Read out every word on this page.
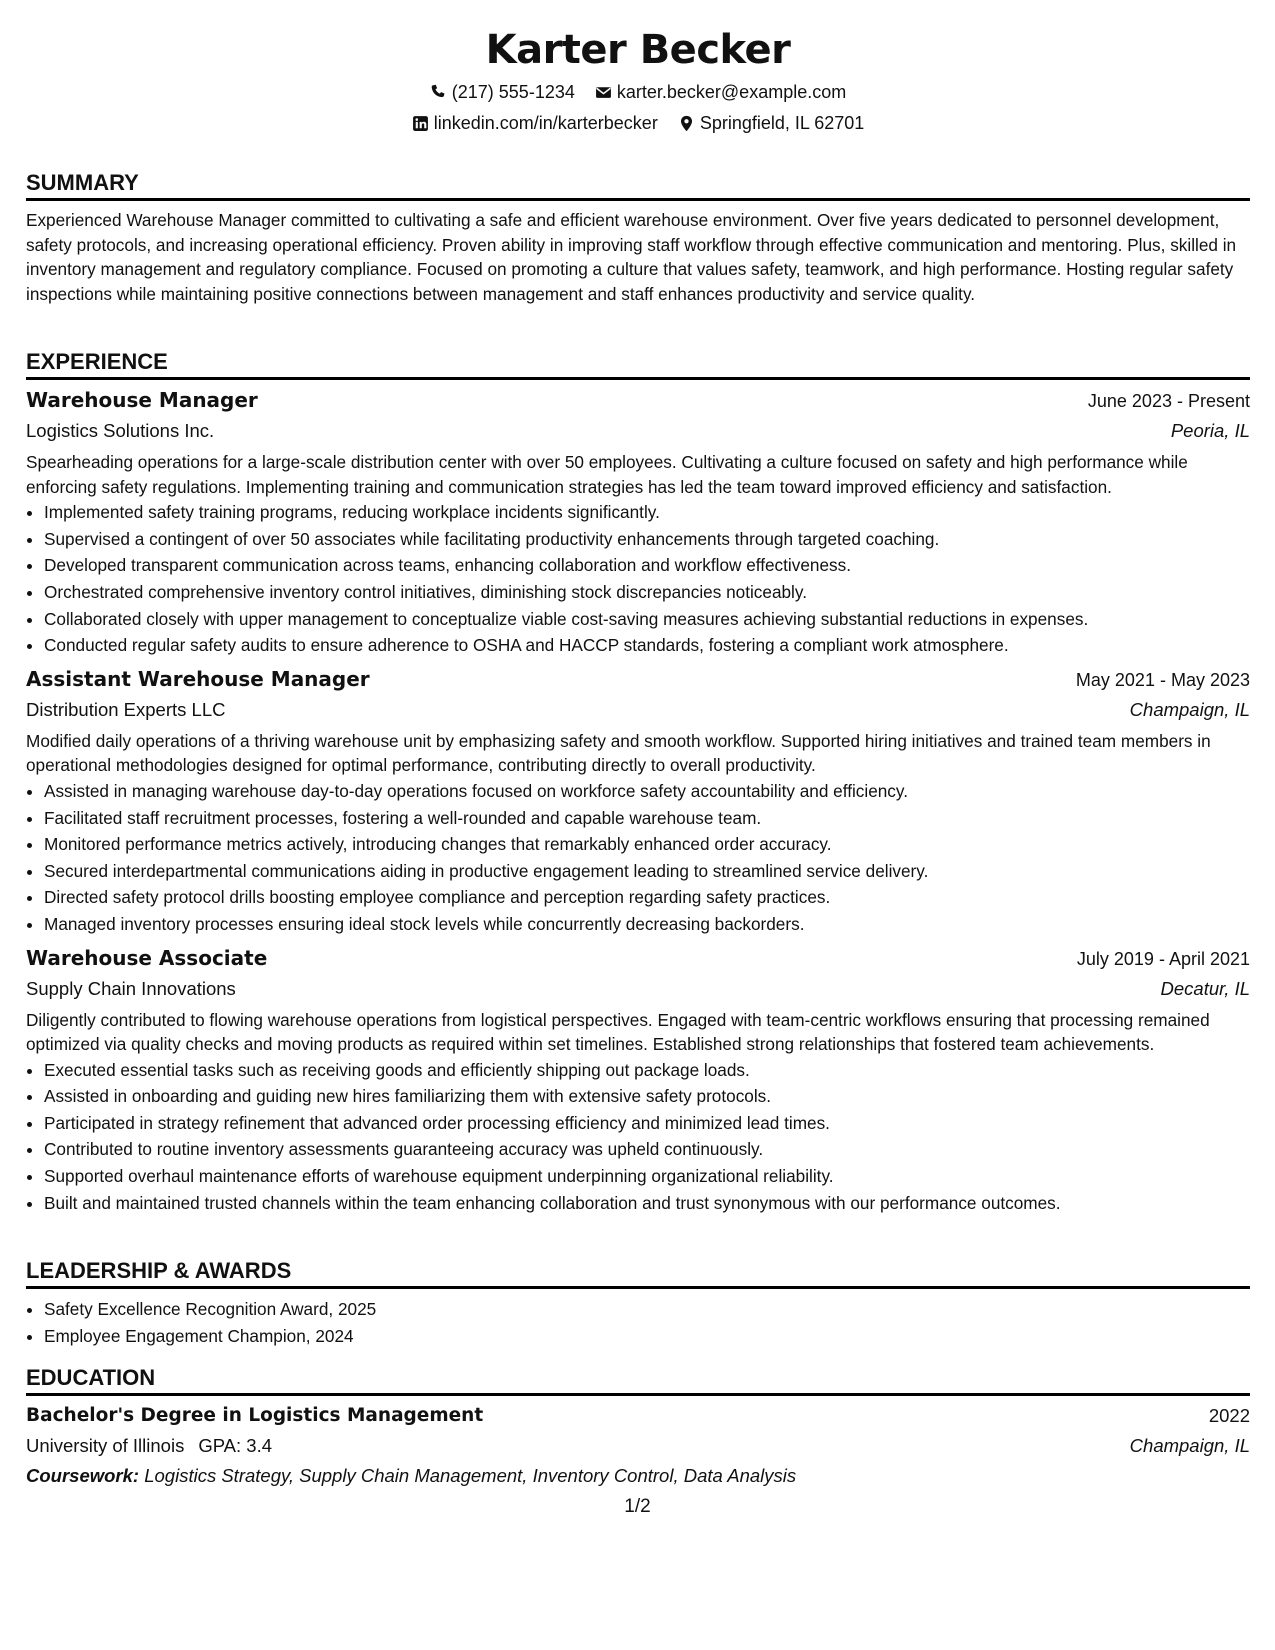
Karter Becker
(217) 555-1234 karter.becker@example.com
linkedin.com/in/karterbecker Springfield, IL 62701
SUMMARY
Experienced Warehouse Manager committed to cultivating a safe and efficient warehouse environment. Over five years dedicated to personnel development, safety protocols, and increasing operational efficiency. Proven ability in improving staff workflow through effective communication and mentoring. Plus, skilled in inventory management and regulatory compliance. Focused on promoting a culture that values safety, teamwork, and high performance. Hosting regular safety inspections while maintaining positive connections between management and staff enhances productivity and service quality.
EXPERIENCE
Warehouse Manager	June 2023 - Present
Logistics Solutions Inc.	Peoria, IL
Spearheading operations for a large-scale distribution center with over 50 employees. Cultivating a culture focused on safety and high performance while enforcing safety regulations. Implementing training and communication strategies has led the team toward improved efficiency and satisfaction.
• Implemented safety training programs, reducing workplace incidents significantly.
• Supervised a contingent of over 50 associates while facilitating productivity enhancements through targeted coaching.
• Developed transparent communication across teams, enhancing collaboration and workflow effectiveness.
• Orchestrated comprehensive inventory control initiatives, diminishing stock discrepancies noticeably.
• Collaborated closely with upper management to conceptualize viable cost-saving measures achieving substantial reductions in expenses.
• Conducted regular safety audits to ensure adherence to OSHA and HACCP standards, fostering a compliant work atmosphere.
Assistant Warehouse Manager	May 2021 - May 2023
Distribution Experts LLC	Champaign, IL
Modified daily operations of a thriving warehouse unit by emphasizing safety and smooth workflow. Supported hiring initiatives and trained team members in operational methodologies designed for optimal performance, contributing directly to overall productivity.
• Assisted in managing warehouse day-to-day operations focused on workforce safety accountability and efficiency.
• Facilitated staff recruitment processes, fostering a well-rounded and capable warehouse team.
• Monitored performance metrics actively, introducing changes that remarkably enhanced order accuracy.
• Secured interdepartmental communications aiding in productive engagement leading to streamlined service delivery.
• Directed safety protocol drills boosting employee compliance and perception regarding safety practices.
• Managed inventory processes ensuring ideal stock levels while concurrently decreasing backorders.
Warehouse Associate	July 2019 - April 2021
Supply Chain Innovations	Decatur, IL
Diligently contributed to flowing warehouse operations from logistical perspectives. Engaged with team-centric workflows ensuring that processing remained optimized via quality checks and moving products as required within set timelines. Established strong relationships that fostered team achievements.
• Executed essential tasks such as receiving goods and efficiently shipping out package loads.
• Assisted in onboarding and guiding new hires familiarizing them with extensive safety protocols.
• Participated in strategy refinement that advanced order processing efficiency and minimized lead times.
• Contributed to routine inventory assessments guaranteeing accuracy was upheld continuously.
• Supported overhaul maintenance efforts of warehouse equipment underpinning organizational reliability.
• Built and maintained trusted channels within the team enhancing collaboration and trust synonymous with our performance outcomes.
LEADERSHIP & AWARDS
• Safety Excellence Recognition Award, 2025
• Employee Engagement Champion, 2024
EDUCATION
Bachelor's Degree in Logistics Management	2022
University of Illinois GPA: 3.4	Champaign, IL
Coursework: Logistics Strategy, Supply Chain Management, Inventory Control, Data Analysis
1/2
